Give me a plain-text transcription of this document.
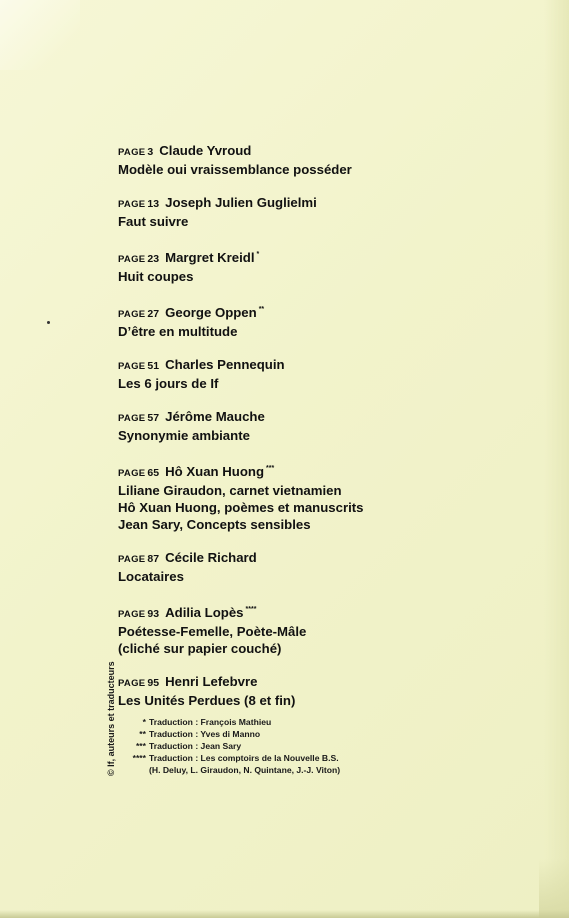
PAGE 3 Claude Yvroud
Modèle oui vraissemblance posséder

PAGE 13 Joseph Julien Guglielmi
Faut suivre

PAGE 23 Margret Kreidl *
Huit coupes

PAGE 27 George Oppen **
D’être en multitude

PAGE 51 Charles Pennequin
Les 6 jours de If

PAGE 57 Jérôme Mauche
Synonymie ambiante

PAGE 65 Hô Xuan Huong ***
Liliane Giraudon, carnet vietnamien
Hô Xuan Huong, poèmes et manuscrits
Jean Sary, Concepts sensibles

PAGE 87 Cécile Richard
Locataires

PAGE 93 Adilia Lopès ****
Poétesse-Femelle, Poète-Mâle
(cliché sur papier couché)

PAGE 95 Henri Lefebvre
Les Unités Perdues (8 et fin)

* Traduction : François Mathieu
** Traduction : Yves di Manno
*** Traduction : Jean Sary
**** Traduction : Les comptoirs de la Nouvelle B.S.
(H. Deluy, L. Giraudon, N. Quintane, J.-J. Viton)
© If, auteurs et traducteurs
